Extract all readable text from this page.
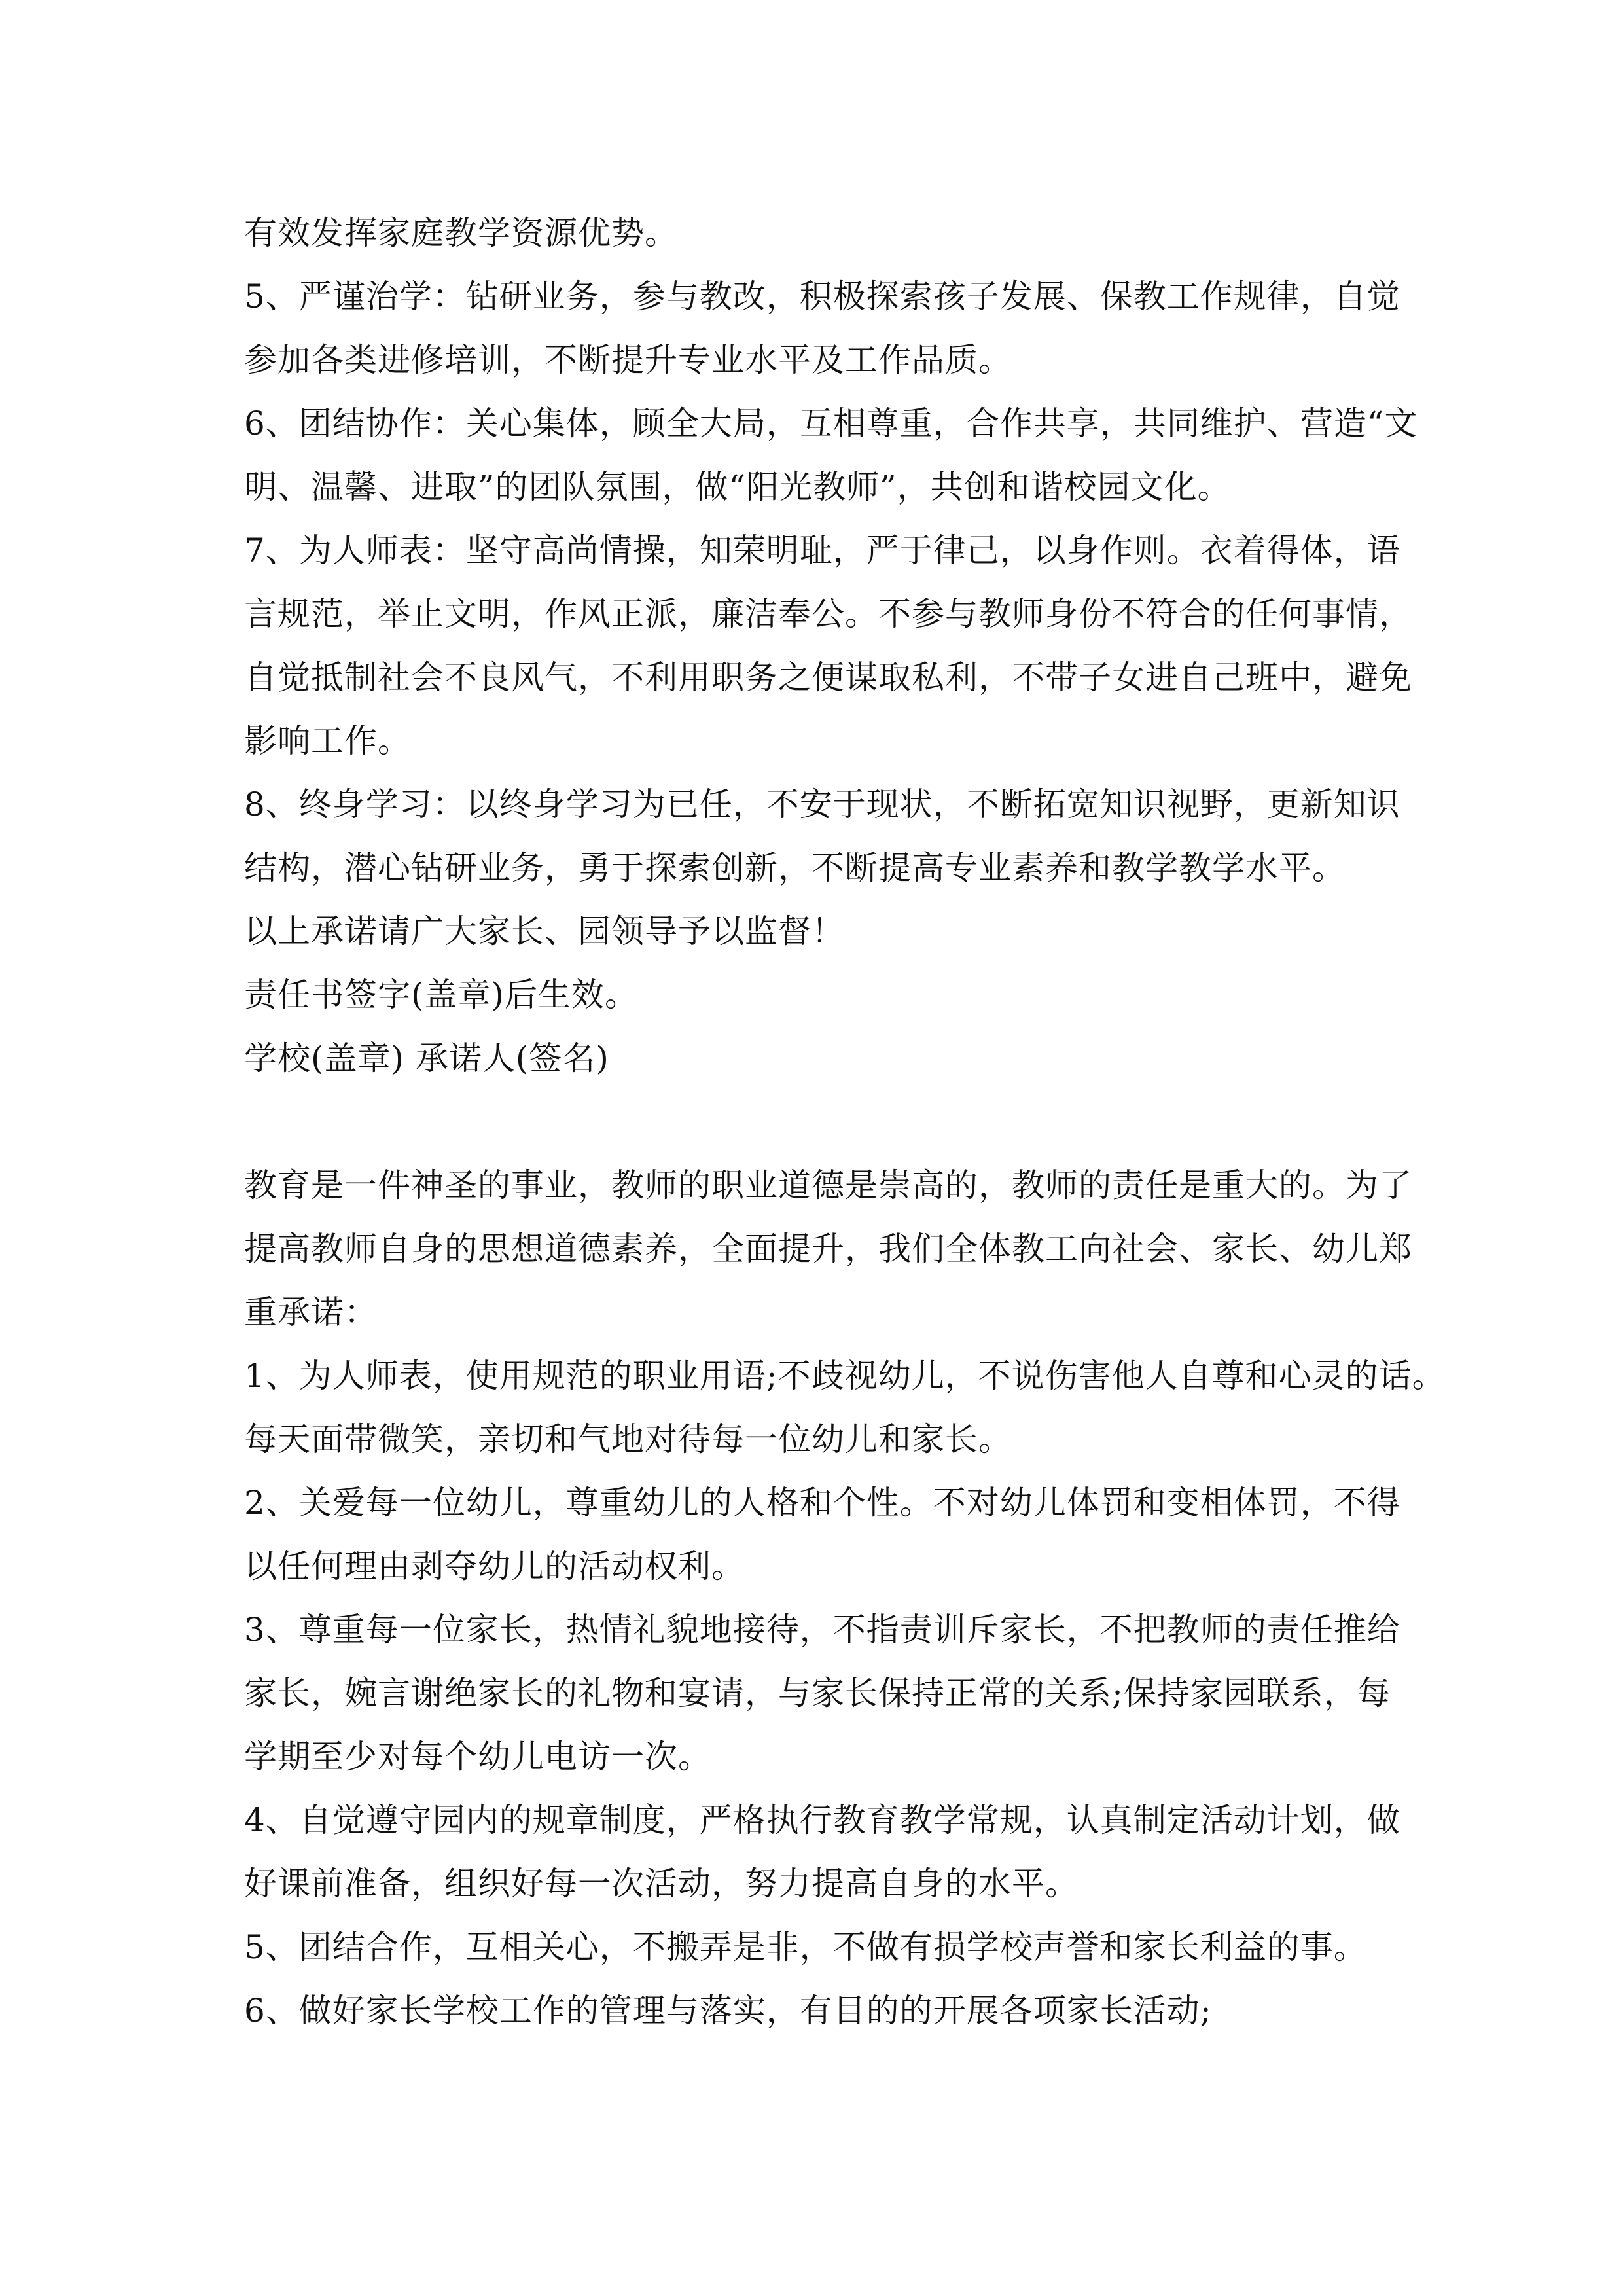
有效发挥家庭教学资源优势。
5、严谨治学：钻研业务，参与教改，积极探索孩子发展、保教工作规律，自觉
参加各类进修培训，不断提升专业水平及工作品质。
6、团结协作：关心集体，顾全大局，互相尊重，合作共享，共同维护、营造“文
明、温馨、进取”的团队氛围，做“阳光教师”，共创和谐校园文化。
7、为人师表：坚守高尚情操，知荣明耻，严于律己，以身作则。衣着得体，语
言规范，举止文明，作风正派，廉洁奉公。不参与教师身份不符合的任何事情，
自觉抵制社会不良风气，不利用职务之便谋取私利，不带子女进自己班中，避免
影响工作。
8、终身学习：以终身学习为已任，不安于现状，不断拓宽知识视野，更新知识
结构，潜心钻研业务，勇于探索创新，不断提高专业素养和教学教学水平。
以上承诺请广大家长、园领导予以监督！
责任书签字(盖章)后生效。
学校(盖章) 承诺人(签名)
教育是一件神圣的事业，教师的职业道德是崇高的，教师的责任是重大的。为了
提高教师自身的思想道德素养，全面提升，我们全体教工向社会、家长、幼儿郑
重承诺：
1、为人师表，使用规范的职业用语;不歧视幼儿，不说伤害他人自尊和心灵的话。
每天面带微笑，亲切和气地对待每一位幼儿和家长。
2、关爱每一位幼儿，尊重幼儿的人格和个性。不对幼儿体罚和变相体罚，不得
以任何理由剥夺幼儿的活动权利。
3、尊重每一位家长，热情礼貌地接待，不指责训斥家长，不把教师的责任推给
家长，婉言谢绝家长的礼物和宴请，与家长保持正常的关系;保持家园联系，每
学期至少对每个幼儿电访一次。
4、自觉遵守园内的规章制度，严格执行教育教学常规，认真制定活动计划，做
好课前准备，组织好每一次活动，努力提高自身的水平。
5、团结合作，互相关心，不搬弄是非，不做有损学校声誉和家长利益的事。
6、做好家长学校工作的管理与落实，有目的的开展各项家长活动;
